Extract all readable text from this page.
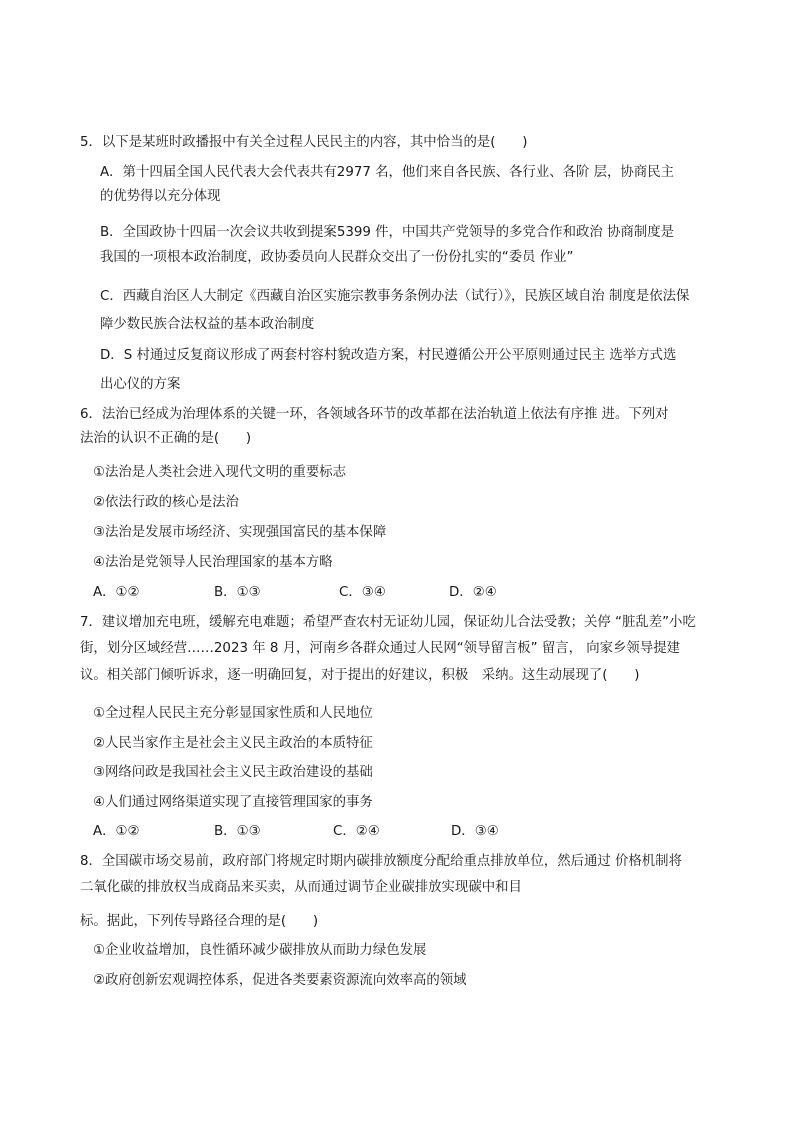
5．以下是某班时政播报中有关全过程人民民主的内容，其中恰当的是(　　)
A．第十四届全国人民代表大会代表共有2977 名，他们来自各民族、各行业、各阶 层，协商民主
的优势得以充分体现
B．全国政协十四届一次会议共收到提案5399 件，中国共产党领导的多党合作和政治 协商制度是
我国的一项根本政治制度，政协委员向人民群众交出了一份份扎实的“委员 作业”
C．西藏自治区人大制定《西藏自治区实施宗教事务条例办法（试行）》，民族区域自治 制度是依法保
障少数民族合法权益的基本政治制度
D．S 村通过反复商议形成了两套村容村貌改造方案，村民遵循公开公平原则通过民主 选举方式选
出心仪的方案
6．法治已经成为治理体系的关键一环，各领域各环节的改革都在法治轨道上依法有序推 进。下列对
法治的认识不正确的是(　　)
①法治是人类社会进入现代文明的重要标志
②依法行政的核心是法治
③法治是发展市场经济、实现强国富民的基本保障
④法治是党领导人民治理国家的基本方略
A．①②	B．①③	C．③④	D．②④
7．建议增加充电班，缓解充电难题；希望严查农村无证幼儿园，保证幼儿合法受教；关停 “脏乱差”小吃
街，划分区域经营……2023 年 8 月，河南乡各群众通过人民网“领导留言板” 留言， 向家乡领导提建
议。相关部门倾听诉求，逐一明确回复，对于提出的好建议，积极　采纳。这生动展现了(　　)
①全过程人民民主充分彰显国家性质和人民地位
②人民当家作主是社会主义民主政治的本质特征
③网络问政是我国社会主义民主政治建设的基础
④人们通过网络渠道实现了直接管理国家的事务
A．①②	B．①③	C．②④	D．③④
8．全国碳市场交易前，政府部门将规定时期内碳排放额度分配给重点排放单位，然后通过 价格机制将
二氧化碳的排放权当成商品来买卖，从而通过调节企业碳排放实现碳中和目
标。据此，下列传导路径合理的是(　　)
①企业收益增加，良性循环减少碳排放从而助力绿色发展
②政府创新宏观调控体系，促进各类要素资源流向效率高的领域
